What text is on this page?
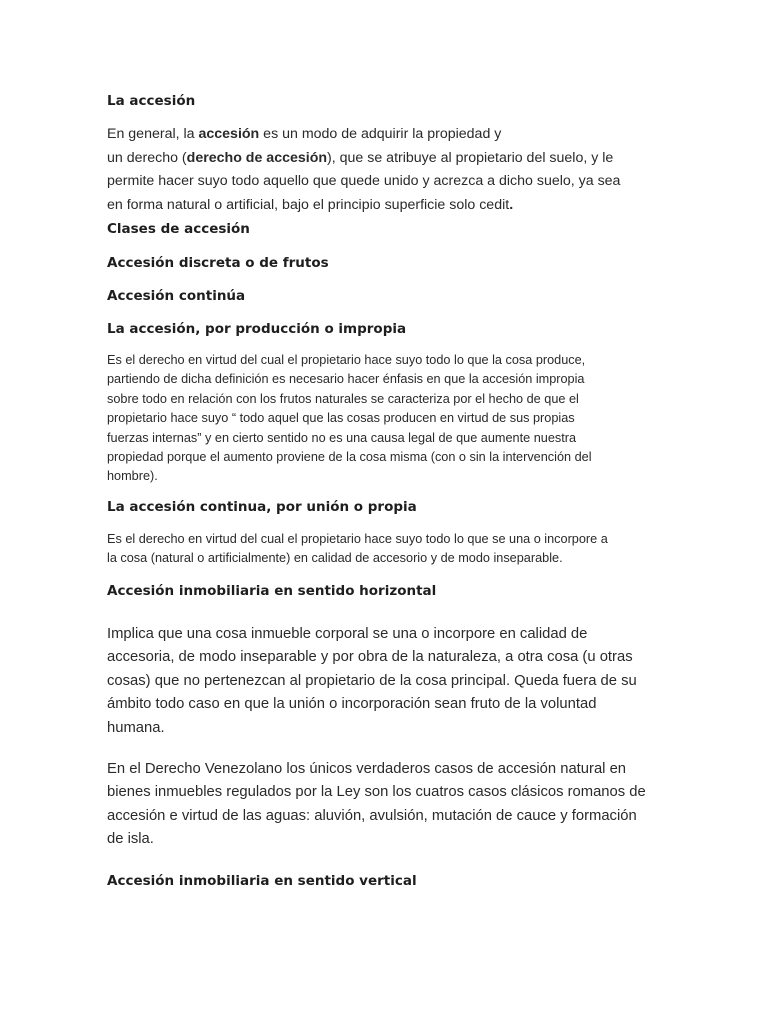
La accesión

En general, la accesión es un modo de adquirir la propiedad y
un derecho (derecho de accesión), que se atribuye al propietario del suelo, y le
permite hacer suyo todo aquello que quede unido y acrezca a dicho suelo, ya sea
en forma natural o artificial, bajo el principio superficie solo cedit.

Clases de accesión
Accesión discreta o de frutos
Accesión continúa
La accesión, por producción o impropia

Es el derecho en virtud del cual el propietario hace suyo todo lo que la cosa produce,
partiendo de dicha definición es necesario hacer énfasis en que la accesión impropia
sobre todo en relación con los frutos naturales se caracteriza por el hecho de que el
propietario hace suyo “ todo aquel que las cosas producen en virtud de sus propias
fuerzas internas” y en cierto sentido no es una causa legal de que aumente nuestra
propiedad porque el aumento proviene de la cosa misma (con o sin la intervención del
hombre).

La accesión continua, por unión o propia

Es el derecho en virtud del cual el propietario hace suyo todo lo que se una o incorpore a
la cosa (natural o artificialmente) en calidad de accesorio y de modo inseparable.

Accesión inmobiliaria en sentido horizontal

Implica que una cosa inmueble corporal se una o incorpore en calidad de
accesoria, de modo inseparable y por obra de la naturaleza, a otra cosa (u otras
cosas) que no pertenezcan al propietario de la cosa principal. Queda fuera de su
ámbito todo caso en que la unión o incorporación sean fruto de la voluntad
humana.

En el Derecho Venezolano los únicos verdaderos casos de accesión natural en
bienes inmuebles regulados por la Ley son los cuatros casos clásicos romanos de
accesión e virtud de las aguas: aluvión, avulsión, mutación de cauce y formación
de isla.

Accesión inmobiliaria en sentido vertical
